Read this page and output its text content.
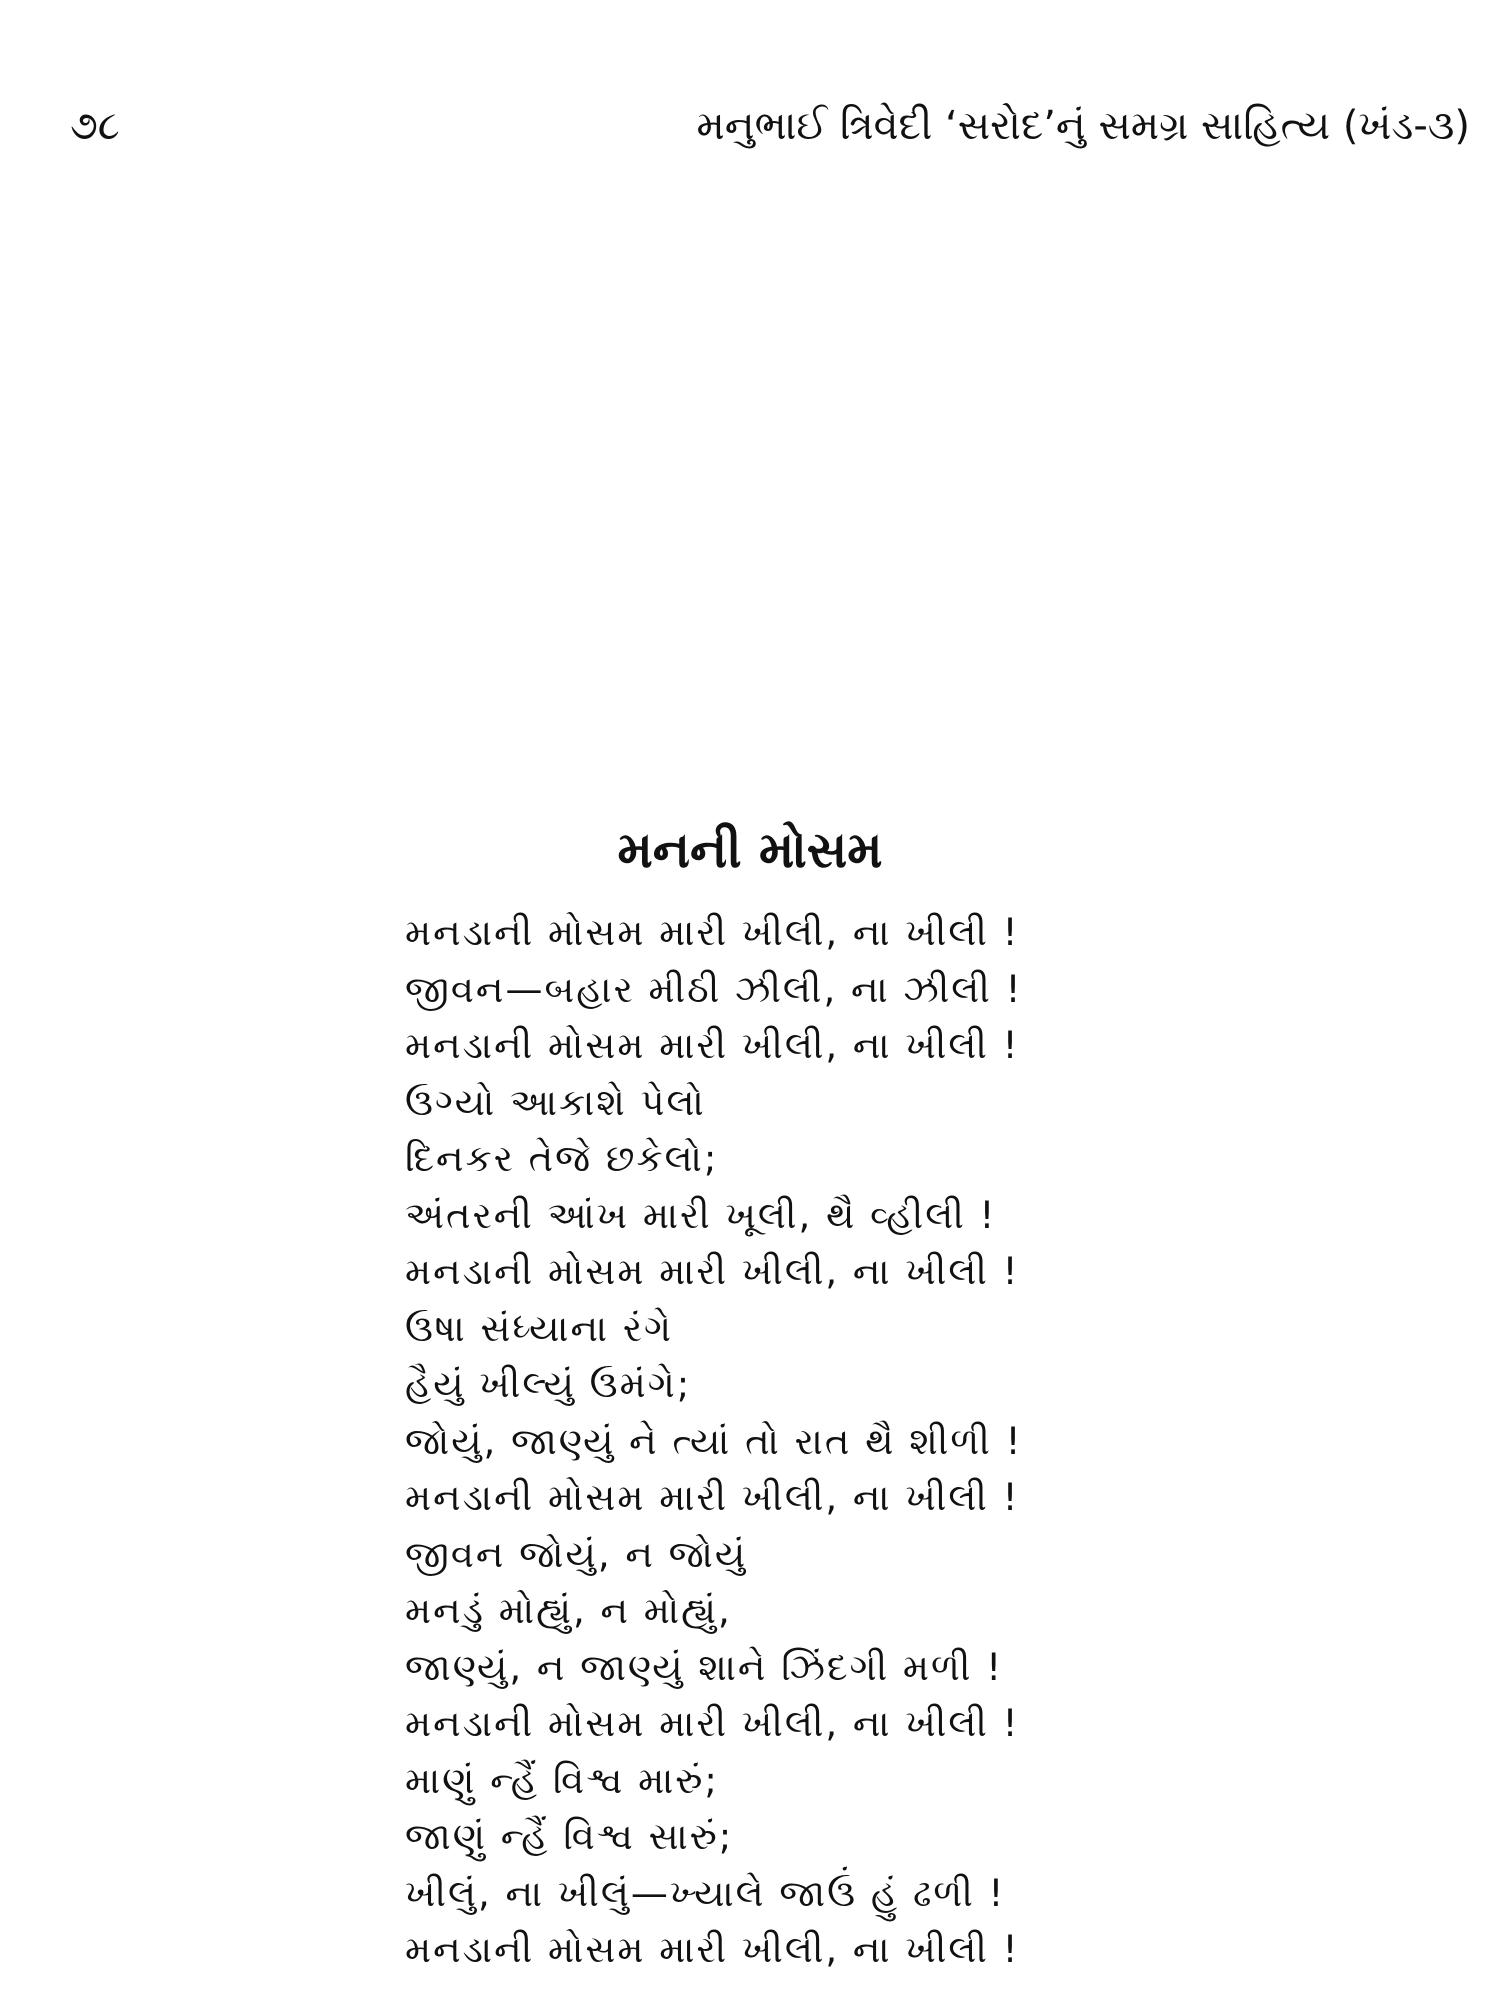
૭૮	મનુભાઈ ત્રિવેદી ‘સરોદ’નું સમગ્ર સાહિત્ય (ખંડ-૩)
મનની મોસમ
મનડાની મોસમ મારી ખીલી, ના ખીલી !
જીવન—બહાર મીઠી ઝીલી, ના ઝીલી !
મનડાની મોસમ મારી ખીલી, ના ખીલી !
ઉગ્યો આકાશે પેલો
દિનકર તેજે છકેલો;
અંતરની આંખ મારી ખૂલી, થૈ વ્હીલી !
મનડાની મોસમ મારી ખીલી, ના ખીલી !
ઉષા સંધ્યાના રંગે
હૈયું ખીલ્યું ઉમંગે;
જોયું, જાણ્યું ને ત્યાં તો રાત થૈ શીળી !
મનડાની મોસમ મારી ખીલી, ના ખીલી !
જીવન જોયું, ન જોયું
મનડું મોહ્યું, ન મોહ્યું,
જાણ્યું, ન જાણ્યું શાને ઝિંદગી મળી !
મનડાની મોસમ મારી ખીલી, ના ખીલી !
માણું ન્હૈં વિશ્વ મારું;
જાણું ન્હૈં વિશ્વ સારું;
ખીલું, ના ખીલું—ખ્યાલે જાઉં હું ઢળી !
મનડાની મોસમ મારી ખીલી, ના ખીલી !
